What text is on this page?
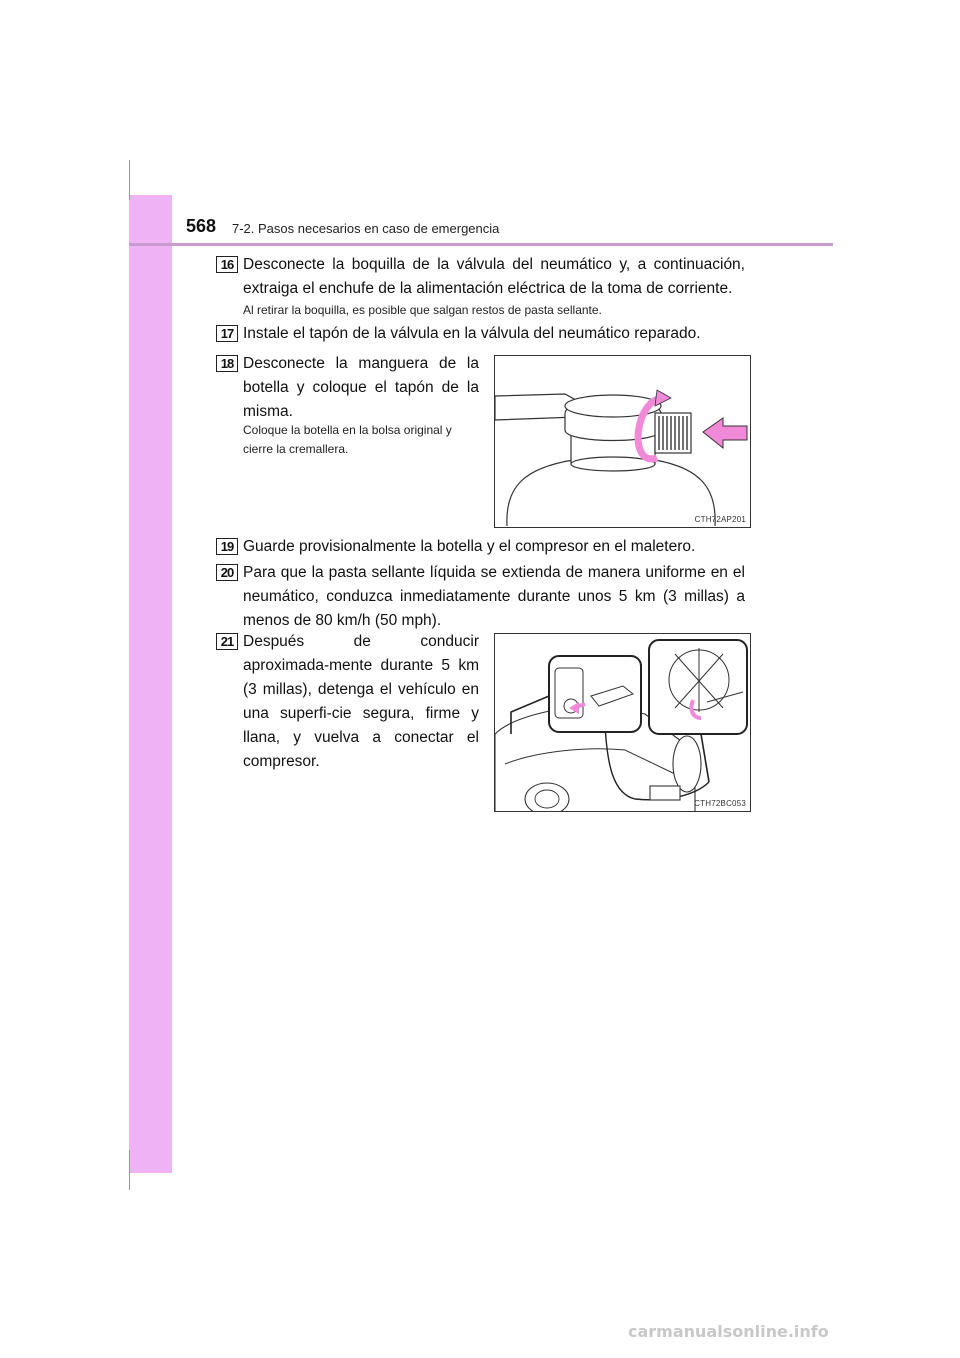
568 7-2. Pasos necesarios en caso de emergencia
16 Desconecte la boquilla de la válvula del neumático y, a continuación, extraiga el enchufe de la alimentación eléctrica de la toma de corriente.
Al retirar la boquilla, es posible que salgan restos de pasta sellante.
17 Instale el tapón de la válvula en la válvula del neumático reparado.
18 Desconecte la manguera de la botella y coloque el tapón de la misma.
Coloque la botella en la bolsa original y cierre la cremallera.
CTH72AP201
19 Guarde provisionalmente la botella y el compresor en el maletero.
20 Para que la pasta sellante líquida se extienda de manera uniforme en el neumático, conduzca inmediatamente durante unos 5 km (3 millas) a menos de 80 km/h (50 mph).
21 Después de conducir aproximada-mente durante 5 km (3 millas), detenga el vehículo en una superfi-cie segura, firme y llana, y vuelva a conectar el compresor.
CTH72BC053
carmanualsonline.info
